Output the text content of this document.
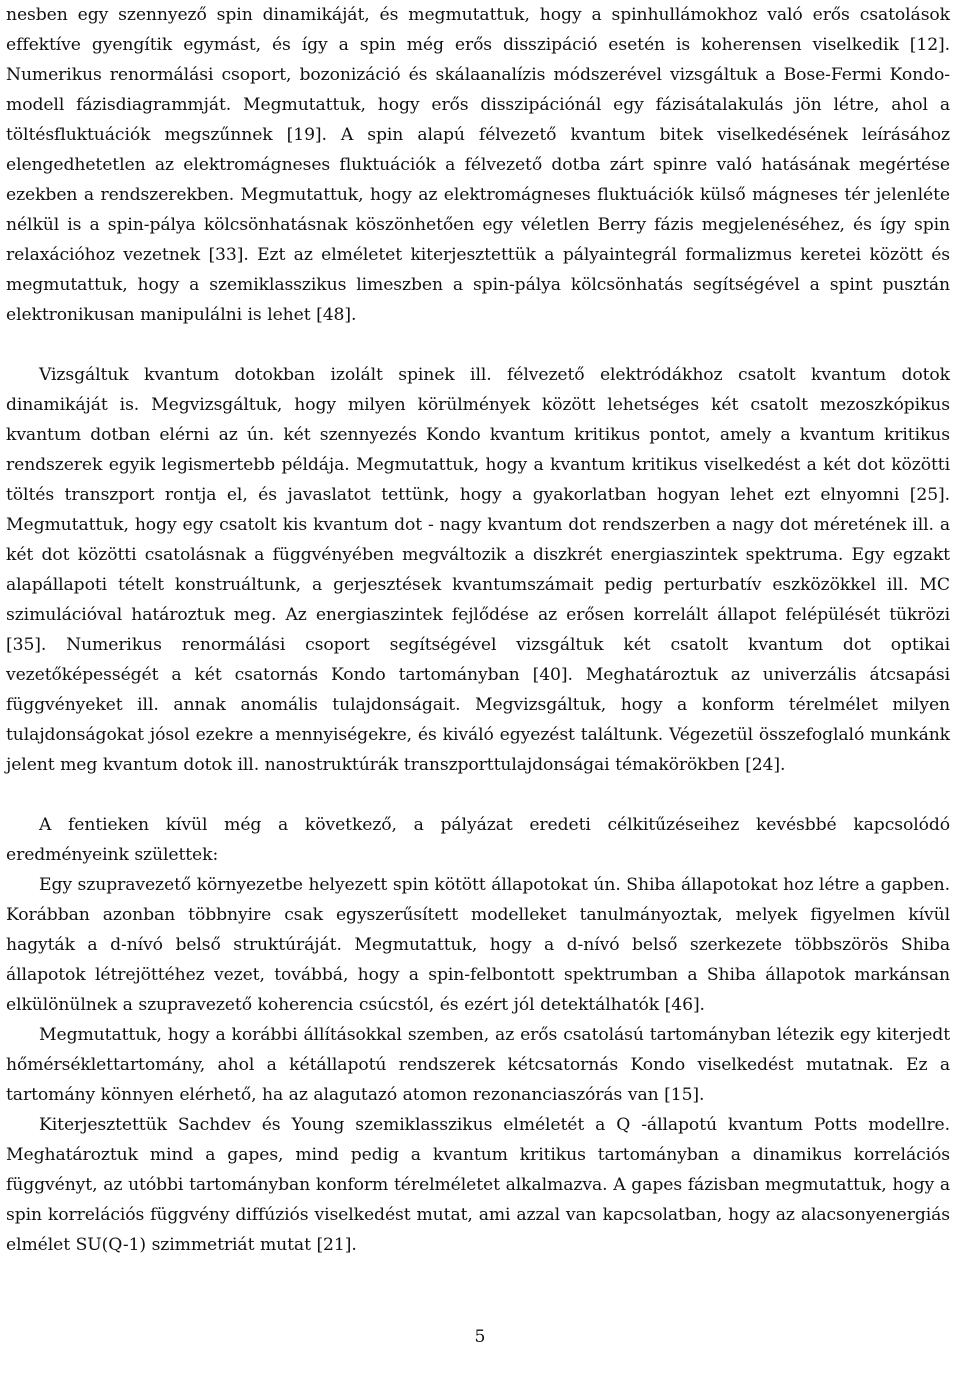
nesben egy szennyező spin dinamikáját, és megmutattuk, hogy a spinhullámokhoz való erős csatolások effektíve gyengítik egymást, és így a spin még erős disszipáció esetén is koherensen viselkedik [12]. Numerikus renormálási csoport, bozonizáció és skálaanalízis módszerével vizsgáltuk a Bose-Fermi Kondo-modell fázisdiagrammját. Megmutattuk, hogy erős disszipációnál egy fázisátalakulás jön létre, ahol a töltésfluktuációk megszűnnek [19]. A spin alapú félvezető kvantum bitek viselkedésének leírásához elengedhetetlen az elektromágneses fluktuációk a félvezető dotba zárt spinre való hatásának megértése ezekben a rendszerekben. Megmutattuk, hogy az elektromágneses fluktuációk külső mágneses tér jelenléte nélkül is a spin-pálya kölcsönhatásnak köszönhetően egy véletlen Berry fázis megjelenéséhez, és így spin relaxációhoz vezetnek [33]. Ezt az elméletet kiterjesztettük a pályaintegrál formalizmus keretei között és megmutattuk, hogy a szemiklasszikus limeszben a spin-pálya kölcsönhatás segítségével a spint pusztán elektronikusan manipulálni is lehet [48].

Vizsgáltuk kvantum dotokban izolált spinek ill. félvezető elektródákhoz csatolt kvantum dotok dinamikáját is. Megvizsgáltuk, hogy milyen körülmények között lehetséges két csatolt mezoszkópikus kvantum dotban elérni az ún. két szennyezés Kondo kvantum kritikus pontot, amely a kvantum kritikus rendszerek egyik legismertebb példája. Megmutattuk, hogy a kvantum kritikus viselkedést a két dot közötti töltés transzport rontja el, és javaslatot tettünk, hogy a gyakorlatban hogyan lehet ezt elnyomni [25]. Megmutattuk, hogy egy csatolt kis kvantum dot - nagy kvantum dot rendszerben a nagy dot méretének ill. a két dot közötti csatolásnak a függvényében megváltozik a diszkrét energiaszintek spektruma. Egy egzakt alapállapoti tételt konstruáltunk, a gerjesztések kvantumszámait pedig perturbatív eszközökkel ill. MC szimulációval határoztuk meg. Az energiaszintek fejlődése az erősen korrelált állapot felépülését tükrözi [35]. Numerikus renormálási csoport segítségével vizsgáltuk két csatolt kvantum dot optikai vezetőképességét a két csatornás Kondo tartományban [40]. Meghatároztuk az univerzális átcsapási függvényeket ill. annak anomális tulajdonságait. Megvizsgáltuk, hogy a konform térelmélet milyen tulajdonságokat jósol ezekre a mennyiségekre, és kiváló egyezést találtunk. Végezetül összefoglaló munkánk jelent meg kvantum dotok ill. nanostruktúrák transzporttulajdonságai témakörökben [24].

A fentieken kívül még a következő, a pályázat eredeti célkitűzéseihez kevésbbé kapcsolódó eredményeink születtek:

Egy szupravezető környezetbe helyezett spin kötött állapotokat ún. Shiba állapotokat hoz létre a gapben. Korábban azonban többnyire csak egyszerűsített modelleket tanulmányoztak, melyek figyelmen kívül hagyták a d-nívó belső struktúráját. Megmutattuk, hogy a d-nívó belső szerkezete többszörös Shiba állapotok létrejöttéhez vezet, továbbá, hogy a spin-felbontott spektrumban a Shiba állapotok markánsan elkülönülnek a szupravezető koherencia csúcstól, és ezért jól detektálhatók [46].

Megmutattuk, hogy a korábbi állításokkal szemben, az erős csatolású tartományban létezik egy kiterjedt hőmérséklettartomány, ahol a kétállapotú rendszerek kétcsatornás Kondo viselkedést mutatnak. Ez a tartomány könnyen elérhető, ha az alagutazó atomon rezonanciaszórás van [15].

Kiterjesztettük Sachdev és Young szemiklasszikus elméletét a Q -állapotú kvantum Potts modellre. Meghatároztuk mind a gapes, mind pedig a kvantum kritikus tartományban a dinamikus korrelációs függvényt, az utóbbi tartományban konform térelméletet alkalmazva. A gapes fázisban megmutattuk, hogy a spin korrelációs függvény diffúziós viselkedést mutat, ami azzal van kapcsolatban, hogy az alacsonyenergiás elmélet SU(Q-1) szimmetriát mutat [21].

5
